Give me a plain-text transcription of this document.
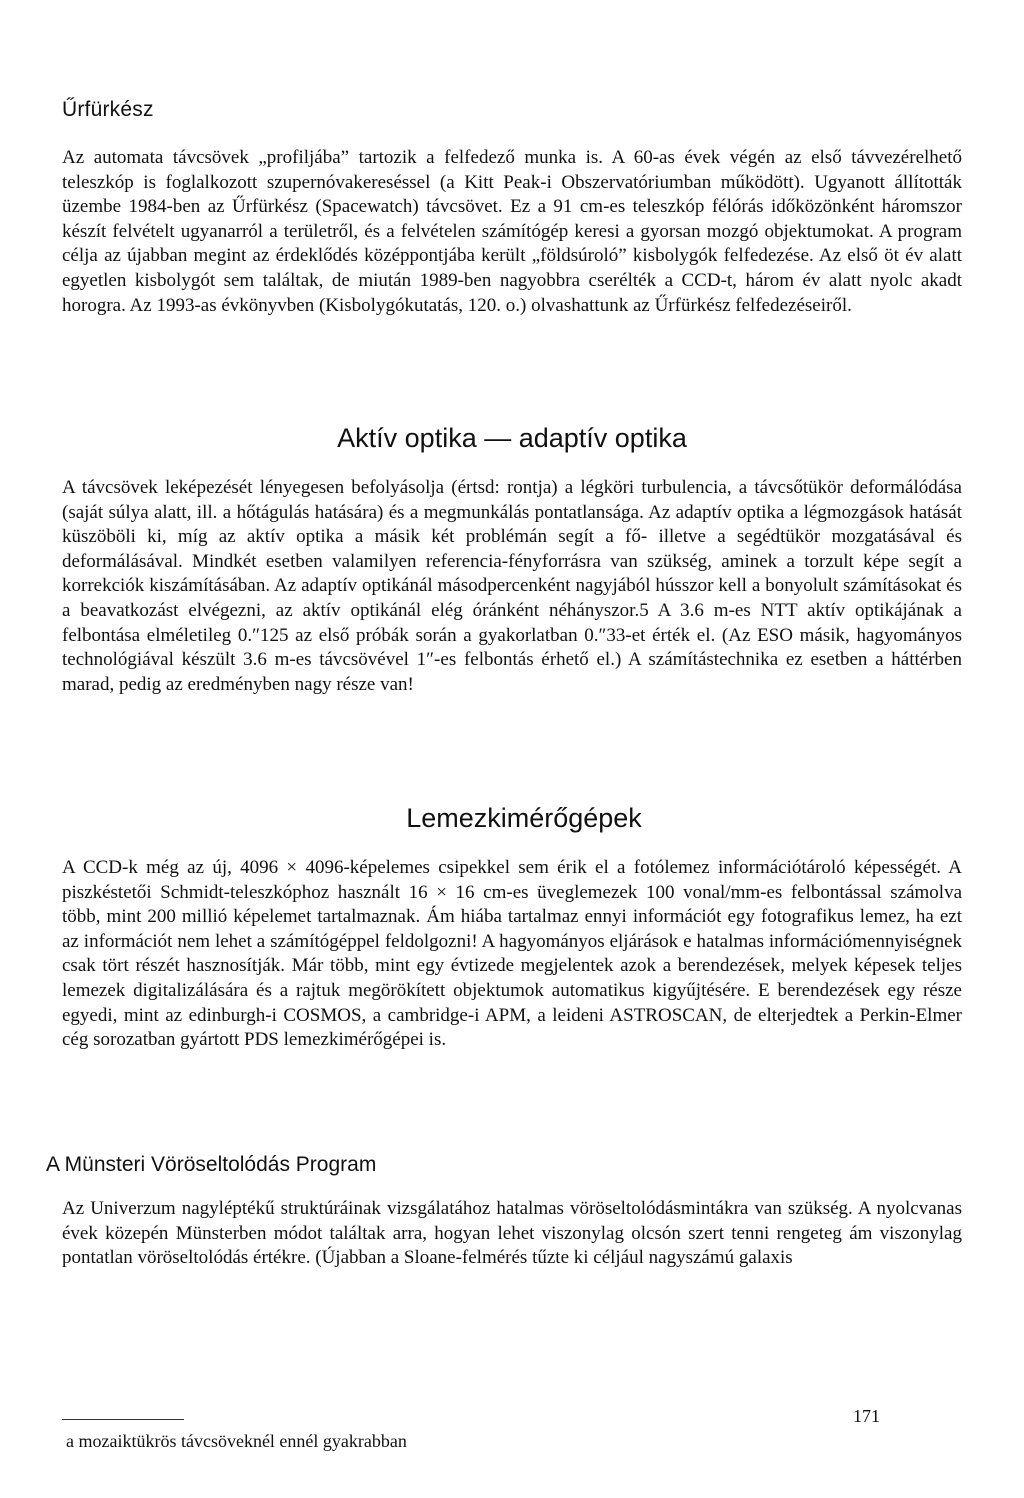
Űrfürkész

Az automata távcsövek „profiljába” tartozik a felfedező munka is. A 60-as évek végén az első távvezérelhető teleszkóp is foglalkozott szupernóvakereséssel (a Kitt Peak-i Obszervatóriumban működött). Ugyanott állították üzembe 1984-ben az Űrfürkész (Spacewatch) távcsövet. Ez a 91 cm-es teleszkóp félórás időközönként háromszor készít felvételt ugyanarról a területről, és a felvételen számítógép keresi a gyorsan mozgó objektumokat. A program célja az újabban megint az érdeklődés középpontjába került „földsúroló” kisbolygók felfedezése. Az első öt év alatt egyetlen kisbolygót sem találtak, de miután 1989-ben nagyobbra cserélték a CCD-t, három év alatt nyolc akadt horogra. Az 1993-as évkönyvben (Kisbolygókutatás, 120. o.) olvashattunk az Űrfürkész felfedezéseiről.

Aktív optika — adaptív optika

A távcsövek leképezését lényegesen befolyásolja (értsd: rontja) a légköri turbulencia, a távcsőtükör deformálódása (saját súlya alatt, ill. a hőtágulás hatására) és a megmunkálás pontatlansága. Az adaptív optika a légmozgások hatását küszöböli ki, míg az aktív optika a másik két problémán segít a fő- illetve a segédtükör mozgatásával és deformálásával. Mindkét esetben valamilyen referencia-fényforrásra van szükség, aminek a torzult képe segít a korrekciók kiszámításában. Az adaptív optikánál másodpercenként nagyjából hússzor kell a bonyolult számításokat és a beavatkozást elvégezni, az aktív optikánál elég óránként néhányszor.5 A 3.6 m-es NTT aktív optikájának a felbontása elméletileg 0.″125 az első próbák során a gyakorlatban 0.″33-et érték el. (Az ESO másik, hagyományos technológiával készült 3.6 m-es távcsövével 1″-es felbontás érhető el.) A számítástechnika ez esetben a háttérben marad, pedig az eredményben nagy része van!

Lemezkimérőgépek

A CCD-k még az új, 4096 × 4096-képelemes csipekkel sem érik el a fotólemez információtároló képességét. A piszkéstetői Schmidt-teleszkóphoz használt 16 × 16 cm-es üveglemezek 100 vonal/mm-es felbontással számolva több, mint 200 millió képelemet tartalmaznak. Ám hiába tartalmaz ennyi információt egy fotografikus lemez, ha ezt az információt nem lehet a számítógéppel feldolgozni! A hagyományos eljárások e hatalmas információmennyiségnek csak tört részét hasznosítják. Már több, mint egy évtizede megjelentek azok a berendezések, melyek képesek teljes lemezek digitalizálására és a rajtuk megörökített objektumok automatikus kigyűjtésére. E berendezések egy része egyedi, mint az edinburgh-i COSMOS, a cambridge-i APM, a leideni ASTROSCAN, de elterjedtek a Perkin-Elmer cég sorozatban gyártott PDS lemezkimérőgépei is.

A Münsteri Vöröseltolódás Program

Az Univerzum nagyléptékű struktúráinak vizsgálatához hatalmas vöröseltolódásmintákra van szükség. A nyolcvanas évek közepén Münsterben módot találtak arra, hogyan lehet viszonylag olcsón szert tenni rengeteg ám viszonylag pontatlan vöröseltolódás értékre. (Újabban a Sloane-felmérés tűzte ki céljául nagyszámú galaxis

a mozaiktükrös távcsöveknél ennél gyakrabban
171
